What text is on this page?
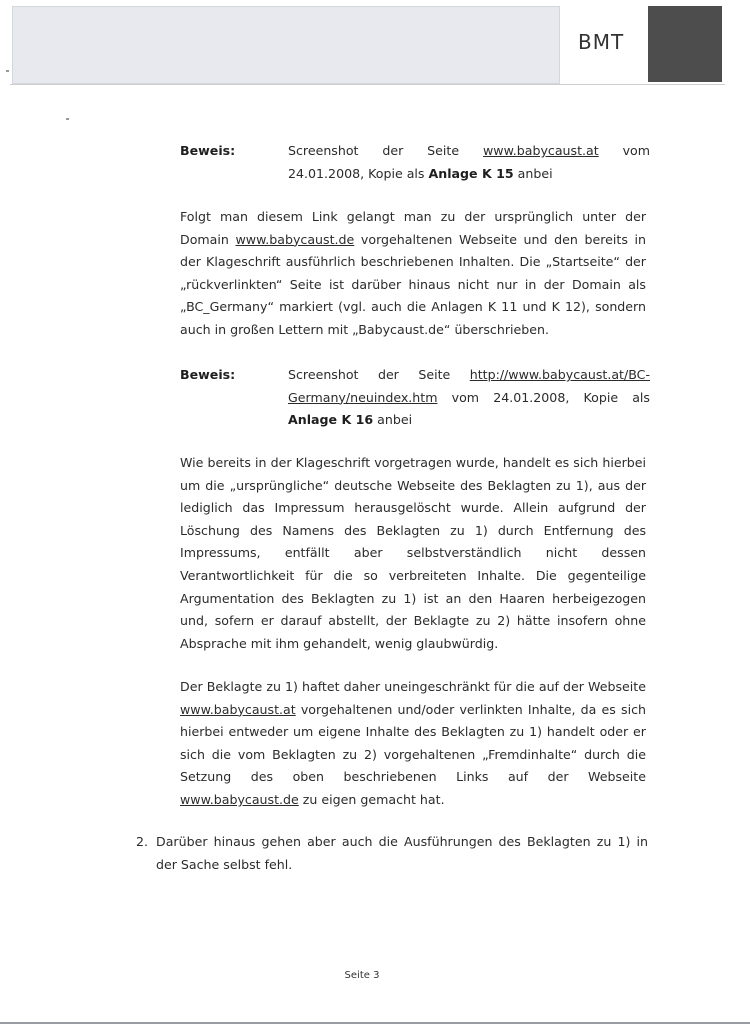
BMT
Beweis:	Screenshot der Seite www.babycaust.at vom
24.01.2008, Kopie als Anlage K 15 anbei

Folgt man diesem Link gelangt man zu der ursprünglich unter der Domain www.babycaust.de vorgehaltenen Webseite und den bereits in der Klageschrift ausführlich beschriebenen Inhalten. Die „Startseite“ der „rückverlinkten“ Seite ist darüber hinaus nicht nur in der Domain als „BC_Germany“ markiert (vgl. auch die Anlagen K 11 und K 12), sondern auch in großen Lettern mit „Babycaust.de“ überschrieben.

Beweis:	Screenshot der Seite http://www.babycaust.at/BC-Germany/neuindex.htm vom 24.01.2008, Kopie als Anlage K 16 anbei

Wie bereits in der Klageschrift vorgetragen wurde, handelt es sich hierbei um die „ursprüngliche“ deutsche Webseite des Beklagten zu 1), aus der lediglich das Impressum herausgelöscht wurde. Allein aufgrund der Löschung des Namens des Beklagten zu 1) durch Entfernung des Impressums, entfällt aber selbstverständlich nicht dessen Verantwortlichkeit für die so verbreiteten Inhalte. Die gegenteilige Argumentation des Beklagten zu 1) ist an den Haaren herbeigezogen und, sofern er darauf abstellt, der Beklagte zu 2) hätte insofern ohne Absprache mit ihm gehandelt, wenig glaubwürdig.

Der Beklagte zu 1) haftet daher uneingeschränkt für die auf der Webseite www.babycaust.at vorgehaltenen und/oder verlinkten Inhalte, da es sich hierbei entweder um eigene Inhalte des Beklagten zu 1) handelt oder er sich die vom Beklagten zu 2) vorgehaltenen „Fremdinhalte“ durch die Setzung des oben beschriebenen Links auf der Webseite www.babycaust.de zu eigen gemacht hat.

2. Darüber hinaus gehen aber auch die Ausführungen des Beklagten zu 1) in der Sache selbst fehl.

Seite 3
